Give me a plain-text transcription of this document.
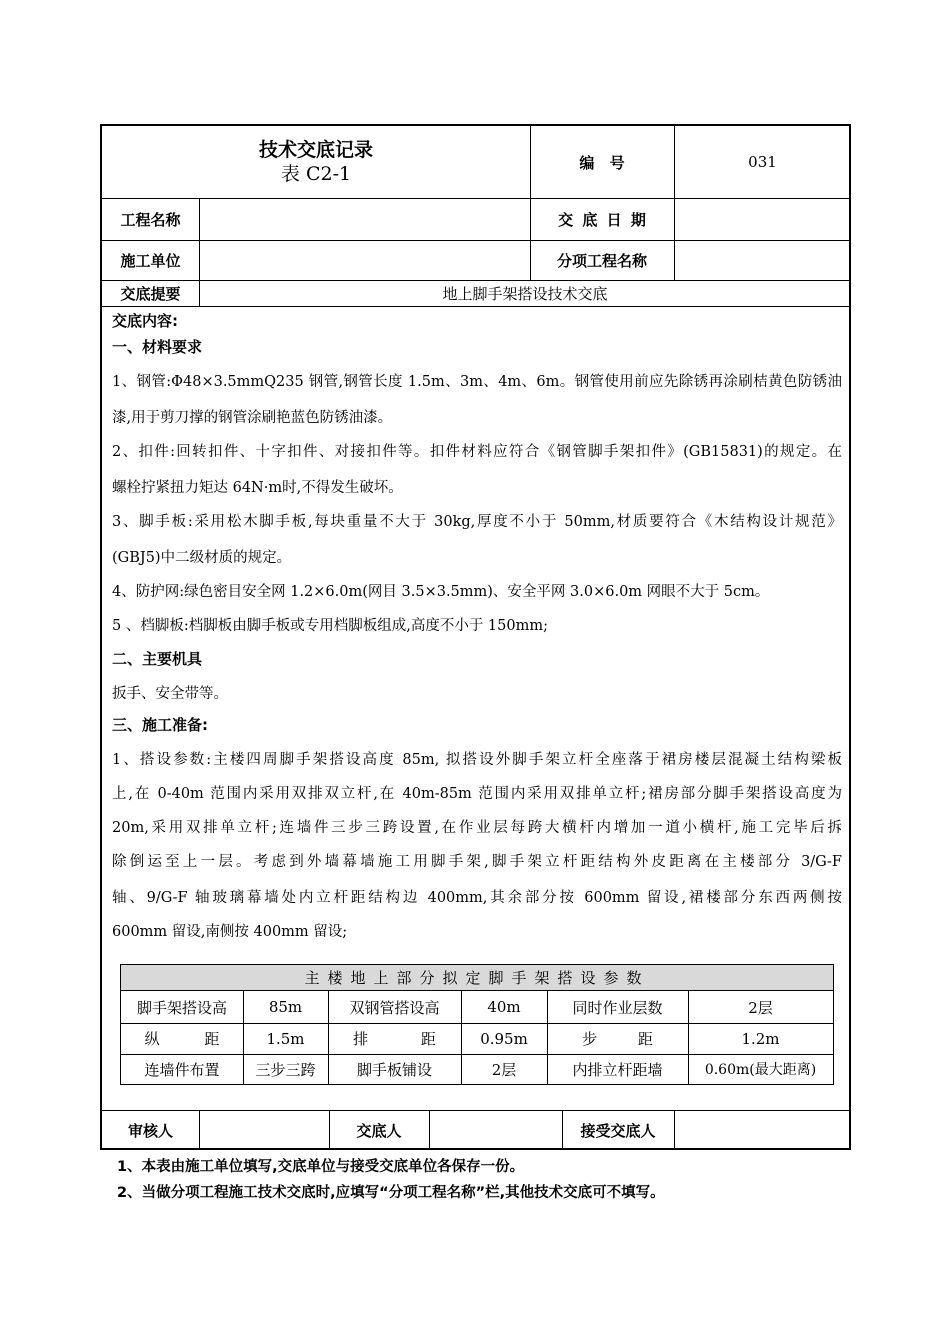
技术交底记录
表 C2-1
编 号	031
工程名称	交 底 日 期
施工单位	分项工程名称
交底提要	地上脚手架搭设技术交底
交底内容:
一、材料要求
1、钢管:Φ48×3.5mmQ235 钢管,钢管长度 1.5m、3m、4m、6m。钢管使用前应先除锈再涂刷桔黄色防锈油
漆,用于剪刀撑的钢管涂刷艳蓝色防锈油漆。
2、扣件:回转扣件、十字扣件、对接扣件等。扣件材料应符合《钢管脚手架扣件》(GB15831)的规定。在
螺栓拧紧扭力矩达 64N·m时,不得发生破坏。
3、脚手板:采用松木脚手板,每块重量不大于 30kg,厚度不小于 50mm,材质要符合《木结构设计规范》
(GBJ5)中二级材质的规定。
4、防护网:绿色密目安全网 1.2×6.0m(网目 3.5×3.5mm)、安全平网 3.0×6.0m 网眼不大于 5cm。
5 、档脚板:档脚板由脚手板或专用档脚板组成,高度不小于 150mm;
二、主要机具
扳手、安全带等。
三、施工准备:
1、搭设参数:主楼四周脚手架搭设高度 85m, 拟搭设外脚手架立杆全座落于裙房楼层混凝土结构梁板
上,在 0-40m 范围内采用双排双立杆,在 40m-85m 范围内采用双排单立杆;裙房部分脚手架搭设高度为
20m,采用双排单立杆;连墙件三步三跨设置,在作业层每跨大横杆内增加一道小横杆,施工完毕后拆
除倒运至上一层。考虑到外墙幕墙施工用脚手架,脚手架立杆距结构外皮距离在主楼部分 3/G-F
轴、9/G-F 轴玻璃幕墙处内立杆距结构边 400mm,其余部分按 600mm 留设,裙楼部分东西两侧按
600mm 留设,南侧按 400mm 留设;
主楼地上部分拟定脚手架搭设参数
脚手架搭设高	85m	双钢管搭设高	40m	同时作业层数	2层
纵 距	1.5m	排 距	0.95m	步 距	1.2m
连墙件布置	三步三跨	脚手板铺设	2层	内排立杆距墙	0.60m(最大距离)
审核人	交底人	接受交底人
1、本表由施工单位填写,交底单位与接受交底单位各保存一份。
2、当做分项工程施工技术交底时,应填写“分项工程名称”栏,其他技术交底可不填写。
